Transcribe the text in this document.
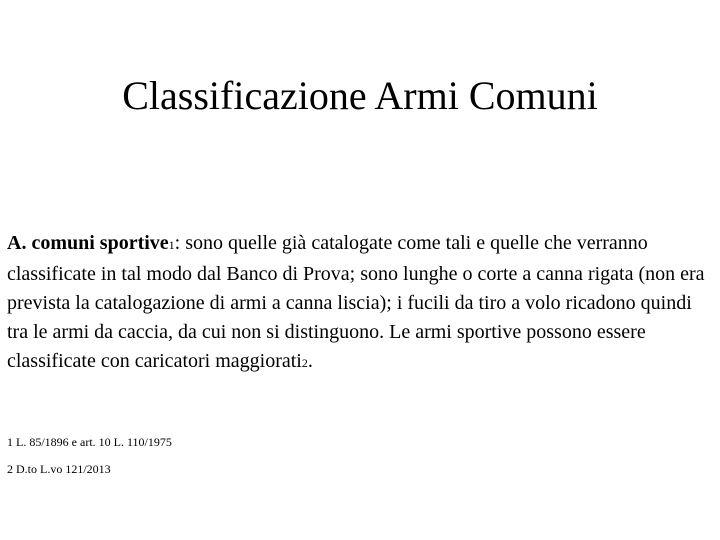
Classificazione Armi Comuni
A. comuni sportive1: sono quelle già catalogate come tali e quelle che verranno classificate in tal modo dal Banco di Prova; sono lunghe o corte a canna rigata (non era prevista la catalogazione di armi a canna liscia); i fucili da tiro a volo ricadono quindi tra le armi da caccia, da cui non si distinguono. Le armi sportive possono essere classificate con caricatori maggiorati2.
1 L. 85/1896 e art. 10 L. 110/1975
2 D.to L.vo 121/2013
